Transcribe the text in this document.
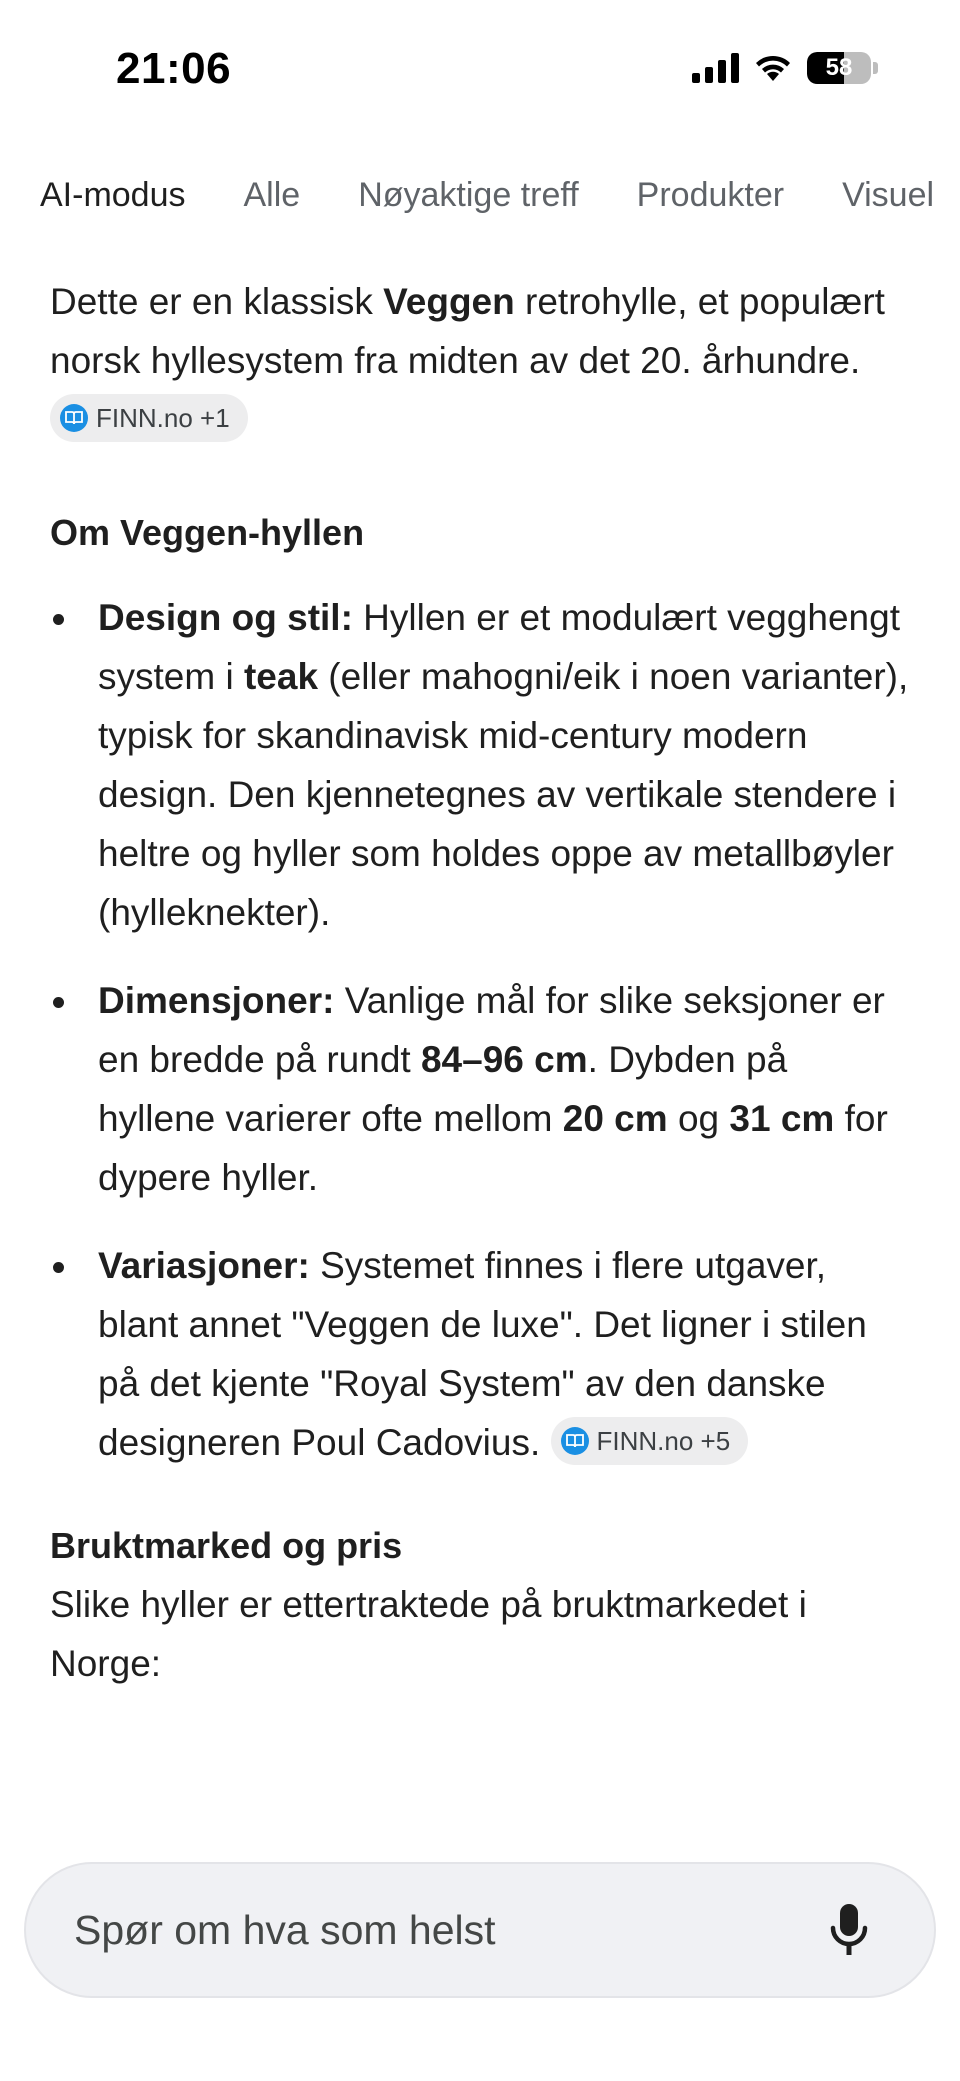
21:06	58
AI-modus Alle Nøyaktige treff Produkter Visuel

Dette er en klassisk Veggen retrohylle, et populært norsk hyllesystem fra midten av det 20. århundre.
FINN.no +1

Om Veggen-hyllen
Design og stil: Hyllen er et modulært vegghengt system i teak (eller mahogni/eik i noen varianter), typisk for skandinavisk mid-century modern design. Den kjennetegnes av vertikale stendere i heltre og hyller som holdes oppe av metallbøyler (hylleknekter).
Dimensjoner: Vanlige mål for slike seksjoner er en bredde på rundt 84–96 cm. Dybden på hyllene varierer ofte mellom 20 cm og 31 cm for dypere hyller.
Variasjoner: Systemet finnes i flere utgaver, blant annet "Veggen de luxe". Det ligner i stilen på det kjente "Royal System" av den danske designeren Poul Cadovius. FINN.no +5
Bruktmarked og pris

Slike hyller er ettertraktede på bruktmarkedet i Norge:

Spør om hva som helst
